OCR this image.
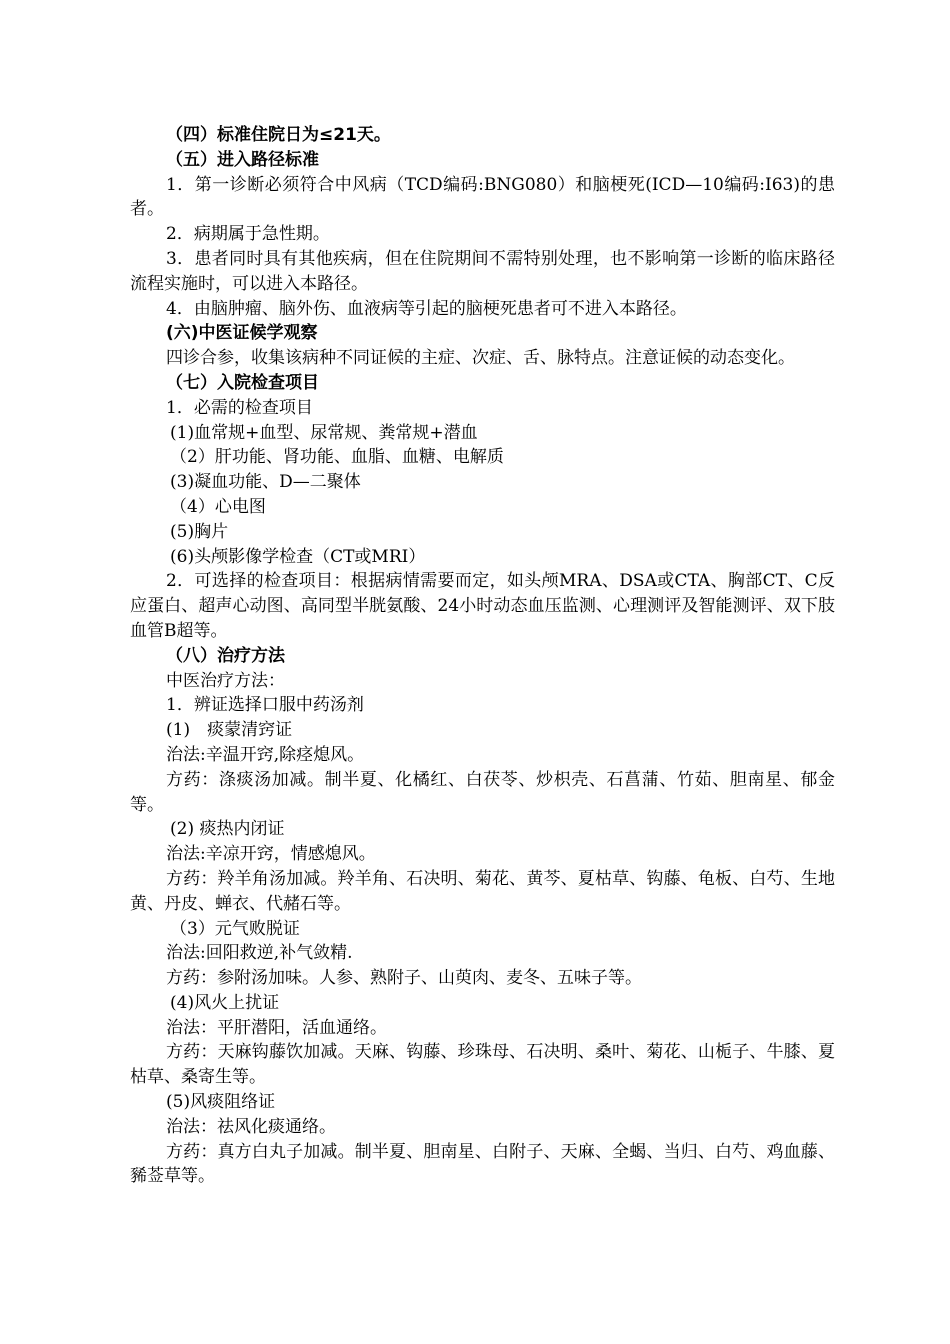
（四）标准住院日为≤21天。
（五）进入路径标准
1．第一诊断必须符合中风病（TCD编码:BNG080）和脑梗死(ICD—10编码:I63)的患者。
2．病期属于急性期。
3．患者同时具有其他疾病，但在住院期间不需特别处理，也不影响第一诊断的临床路径流程实施时，可以进入本路径。
4．由脑肿瘤、脑外伤、血液病等引起的脑梗死患者可不进入本路径。
(六)中医证候学观察
四诊合参，收集该病种不同证候的主症、次症、舌、脉特点。注意证候的动态变化。
（七）入院检查项目
1．必需的检查项目
(1)血常规+血型、尿常规、粪常规+潜血
（2）肝功能、肾功能、血脂、血糖、电解质
(3)凝血功能、D—二聚体
（4）心电图
(5)胸片
(6)头颅影像学检查（CT或MRI）
2．可选择的检查项目：根据病情需要而定，如头颅MRA、DSA或CTA、胸部CT、C反应蛋白、超声心动图、高同型半胱氨酸、24小时动态血压监测、心理测评及智能测评、双下肢血管B超等。
（八）治疗方法
中医治疗方法：
1．辨证选择口服中药汤剂
(1)　痰蒙清窍证
治法:辛温开窍,除痉熄风。
方药：涤痰汤加减。制半夏、化橘红、白茯苓、炒枳壳、石菖蒲、竹茹、胆南星、郁金等。
(2) 痰热内闭证
治法:辛凉开窍，情感熄风。
方药：羚羊角汤加减。羚羊角、石决明、菊花、黄芩、夏枯草、钩藤、龟板、白芍、生地黄、丹皮、蝉衣、代赭石等。
（3）元气败脱证
治法:回阳救逆,补气敛精.
方药：参附汤加味。人参、熟附子、山萸肉、麦冬、五味子等。
(4)风火上扰证
治法：平肝潜阳，活血通络。
方药：天麻钩藤饮加减。天麻、钩藤、珍珠母、石决明、桑叶、菊花、山栀子、牛膝、夏枯草、桑寄生等。
(5)风痰阻络证
治法：祛风化痰通络。
方药：真方白丸子加减。制半夏、胆南星、白附子、天麻、全蝎、当归、白芍、鸡血藤、豨莶草等。
